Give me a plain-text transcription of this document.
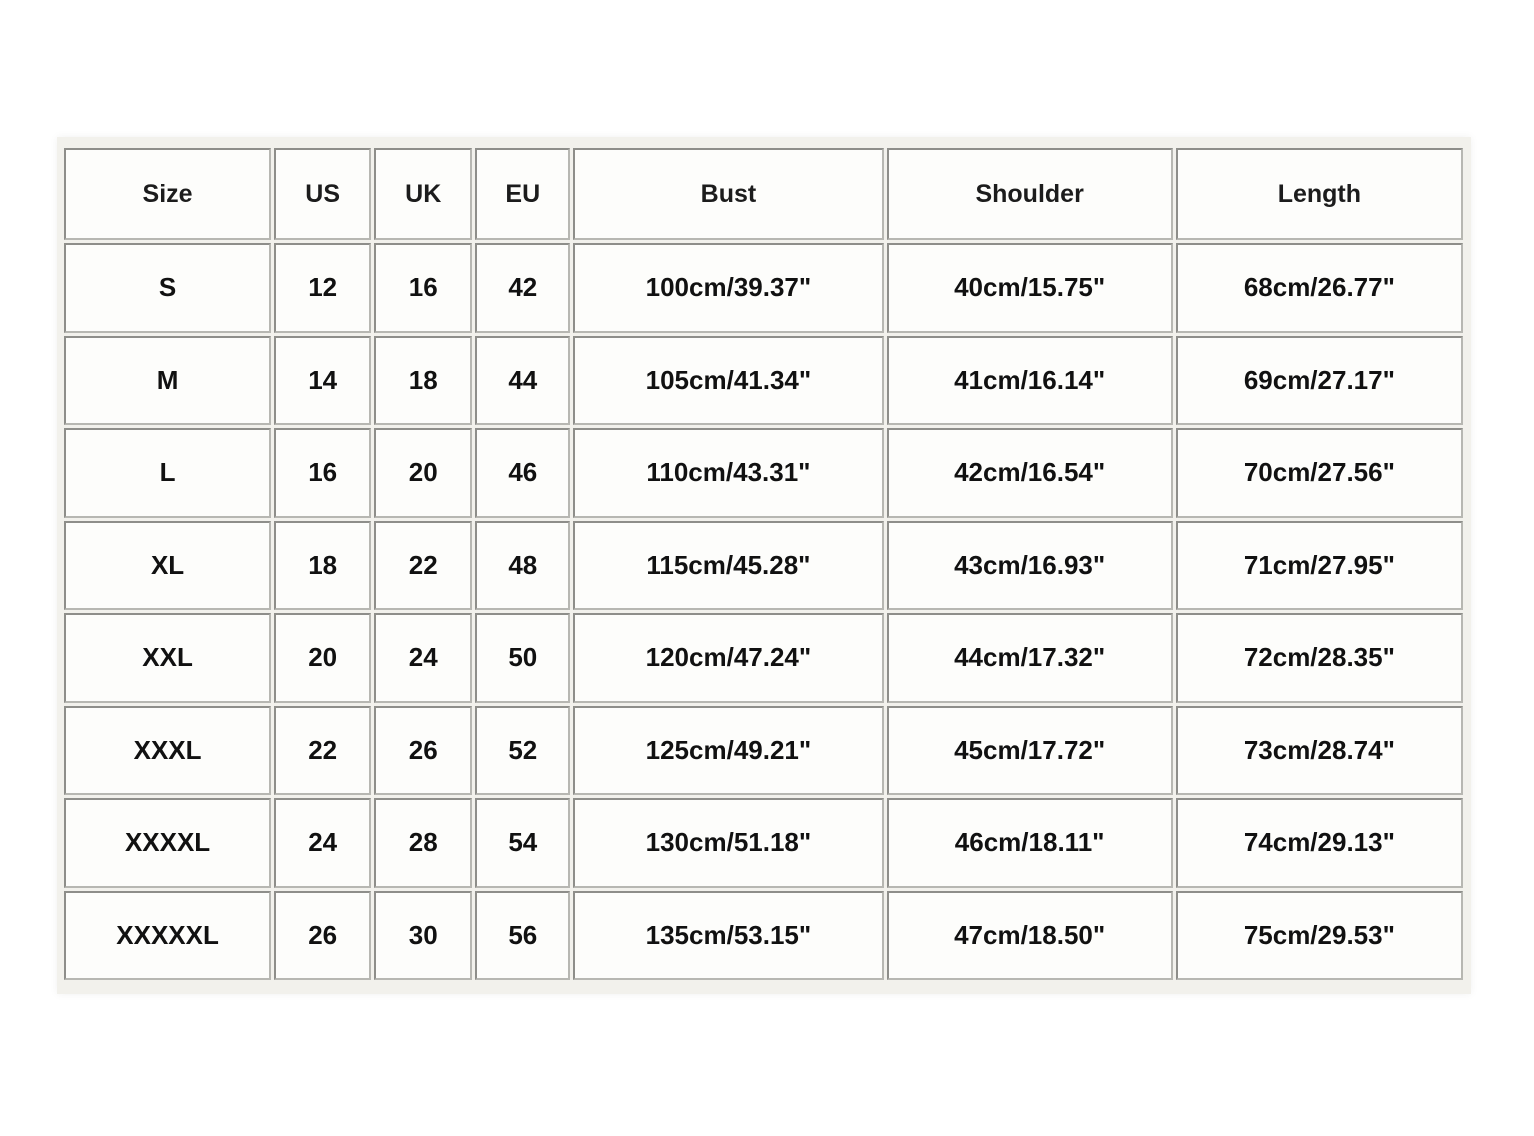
Size	US	UK	EU	Bust	Shoulder	Length
S	12	16	42	100cm/39.37"	40cm/15.75"	68cm/26.77"
M	14	18	44	105cm/41.34"	41cm/16.14"	69cm/27.17"
L	16	20	46	110cm/43.31"	42cm/16.54"	70cm/27.56"
XL	18	22	48	115cm/45.28"	43cm/16.93"	71cm/27.95"
XXL	20	24	50	120cm/47.24"	44cm/17.32"	72cm/28.35"
XXXL	22	26	52	125cm/49.21"	45cm/17.72"	73cm/28.74"
XXXXL	24	28	54	130cm/51.18"	46cm/18.11"	74cm/29.13"
XXXXXL	26	30	56	135cm/53.15"	47cm/18.50"	75cm/29.53"
